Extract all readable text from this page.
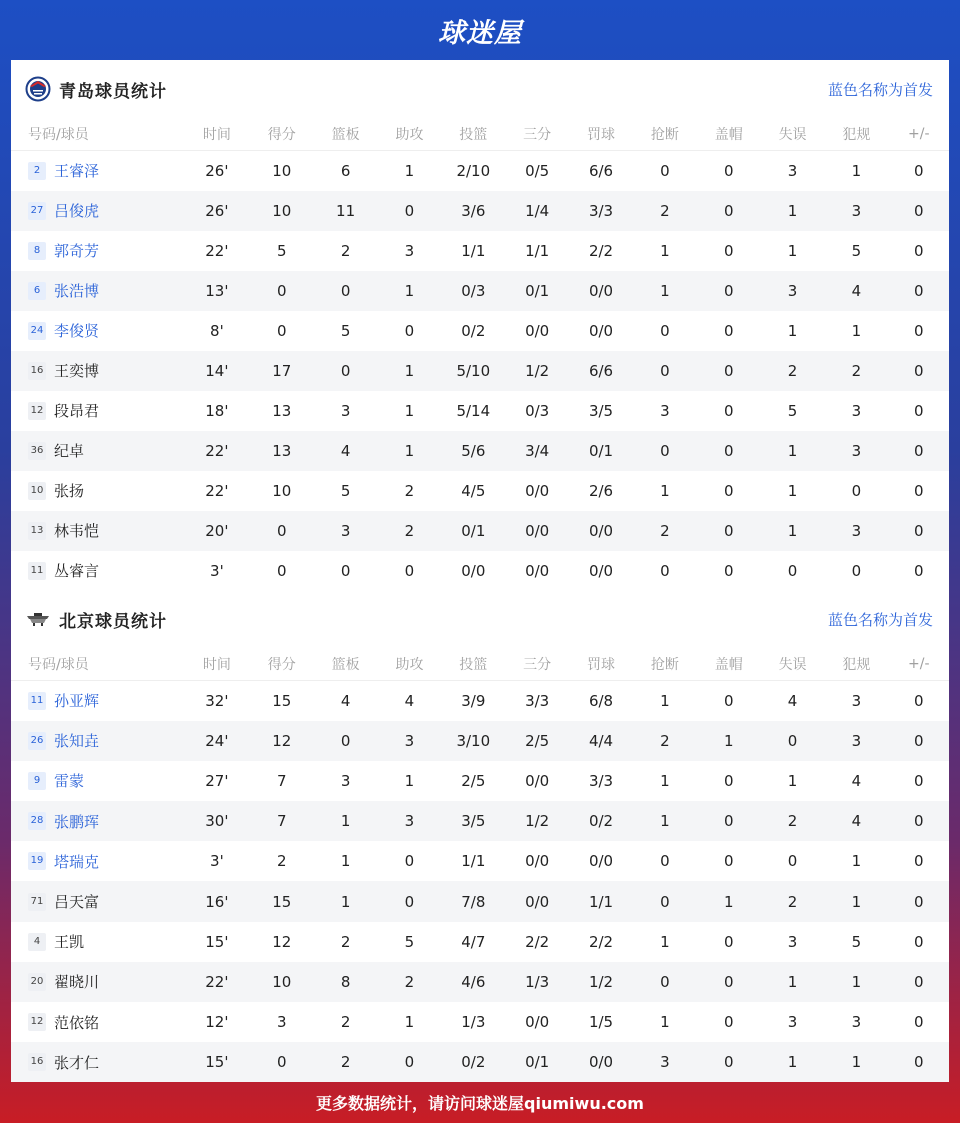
球迷屋
青岛球员统计	蓝色名称为首发
号码/球员	时间	得分	篮板	助攻	投篮	三分	罚球	抢断	盖帽	失误	犯规	+/-
2 王睿泽	26'	10	6	1	2/10	0/5	6/6	0	0	3	1	0
27 吕俊虎	26'	10	11	0	3/6	1/4	3/3	2	0	1	3	0
8 郭奇芳	22'	5	2	3	1/1	1/1	2/2	1	0	1	5	0
6 张浩博	13'	0	0	1	0/3	0/1	0/0	1	0	3	4	0
24 李俊贤	8'	0	5	0	0/2	0/0	0/0	0	0	1	1	0
16 王奕博	14'	17	0	1	5/10	1/2	6/6	0	0	2	2	0
12 段昂君	18'	13	3	1	5/14	0/3	3/5	3	0	5	3	0
36 纪卓	22'	13	4	1	5/6	3/4	0/1	0	0	1	3	0
10 张扬	22'	10	5	2	4/5	0/0	2/6	1	0	1	0	0
13 林韦恺	20'	0	3	2	0/1	0/0	0/0	2	0	1	3	0
11 丛睿言	3'	0	0	0	0/0	0/0	0/0	0	0	0	0	0
北京球员统计	蓝色名称为首发
号码/球员	时间	得分	篮板	助攻	投篮	三分	罚球	抢断	盖帽	失误	犯规	+/-
11 孙亚辉	32'	15	4	4	3/9	3/3	6/8	1	0	4	3	0
26 张知垚	24'	12	0	3	3/10	2/5	4/4	2	1	0	3	0
9 雷蒙	27'	7	3	1	2/5	0/0	3/3	1	0	1	4	0
28 张鹏珲	30'	7	1	3	3/5	1/2	0/2	1	0	2	4	0
19 塔瑞克	3'	2	1	0	1/1	0/0	0/0	0	0	0	1	0
71 吕天富	16'	15	1	0	7/8	0/0	1/1	0	1	2	1	0
4 王凯	15'	12	2	5	4/7	2/2	2/2	1	0	3	5	0
20 翟晓川	22'	10	8	2	4/6	1/3	1/2	0	0	1	1	0
12 范依铭	12'	3	2	1	1/3	0/0	1/5	1	0	3	3	0
16 张才仁	15'	0	2	0	0/2	0/1	0/0	3	0	1	1	0
更多数据统计，请访问球迷屋qiumiwu.com
